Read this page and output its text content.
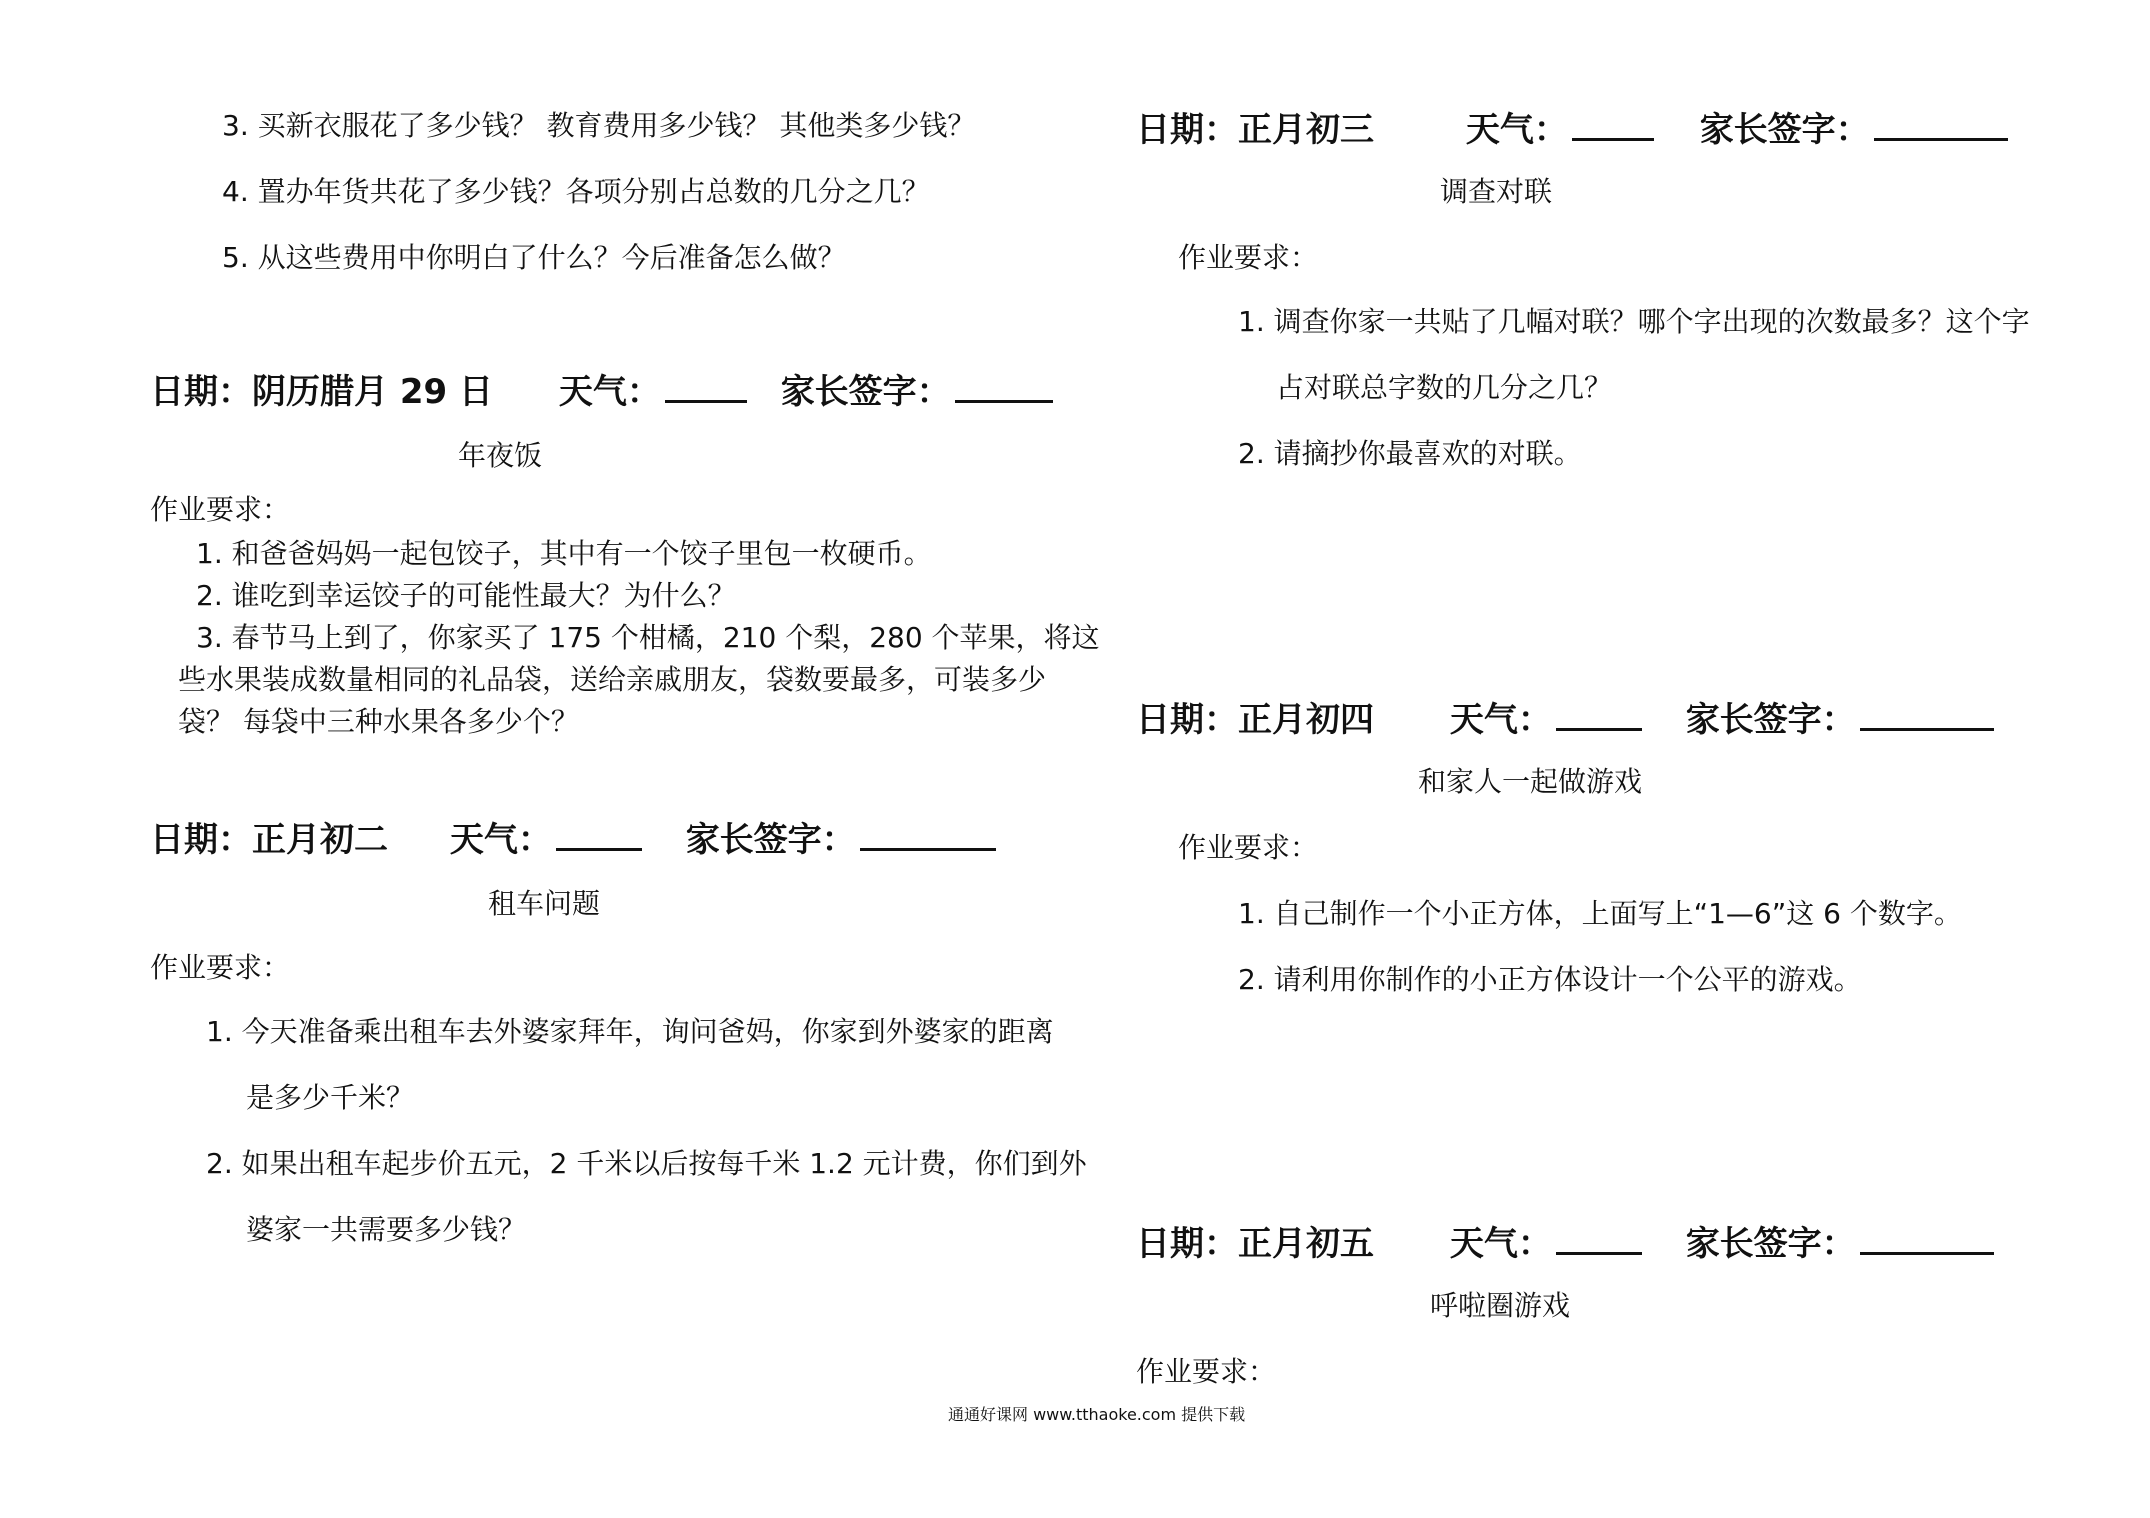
3. 买新衣服花了多少钱？ 教育费用多少钱？ 其他类多少钱？
4. 置办年货共花了多少钱？各项分别占总数的几分之几？
5. 从这些费用中你明白了什么？今后准备怎么做？
日期：阴历腊月 29 日 天气：	家长签字：
年夜饭
作业要求：
1. 和爸爸妈妈一起包饺子，其中有一个饺子里包一枚硬币。
2. 谁吃到幸运饺子的可能性最大？为什么？
3. 春节马上到了，你家买了 175 个柑橘，210 个梨，280 个苹果，将这
些水果装成数量相同的礼品袋，送给亲戚朋友，袋数要最多，可装多少
袋？ 每袋中三种水果各多少个？
日期：正月初二 天气：	家长签字：
租车问题
作业要求：
1. 今天准备乘出租车去外婆家拜年，询问爸妈，你家到外婆家的距离
是多少千米？
2. 如果出租车起步价五元，2 千米以后按每千米 1.2 元计费，你们到外
婆家一共需要多少钱？
日期：正月初三	天气：	家长签字：
调查对联
作业要求：
1. 调查你家一共贴了几幅对联？哪个字出现的次数最多？这个字
占对联总字数的几分之几？
2. 请摘抄你最喜欢的对联。
日期：正月初四 天气：	家长签字：
和家人一起做游戏
作业要求：
1. 自己制作一个小正方体，上面写上“1—6”这 6 个数字。
2. 请利用你制作的小正方体设计一个公平的游戏。
日期：正月初五 天气：	家长签字：
呼啦圈游戏
作业要求：
通通好课网 www.tthaoke.com 提供下载
